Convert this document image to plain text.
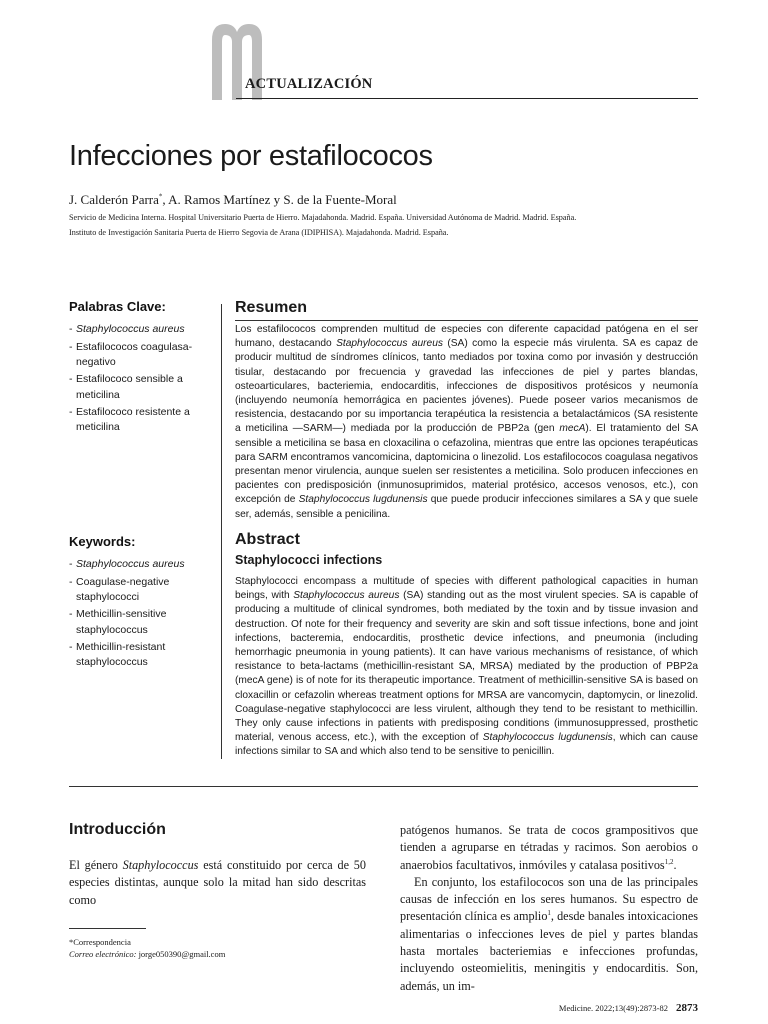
ACTUALIZACIÓN
Infecciones por estafilococos
J. Calderón Parra*, A. Ramos Martínez y S. de la Fuente-Moral
Servicio de Medicina Interna. Hospital Universitario Puerta de Hierro. Majadahonda. Madrid. España. Universidad Autónoma de Madrid. Madrid. España.
Instituto de Investigación Sanitaria Puerta de Hierro Segovia de Arana (IDIPHISA). Majadahonda. Madrid. España.
Palabras Clave:
- Staphylococcus aureus
- Estafilococos coagulasa-negativo
- Estafilococo sensible a meticilina
- Estafilococo resistente a meticilina
Keywords:
- Staphylococcus aureus
- Coagulase-negative staphylococci
- Methicillin-sensitive staphylococcus
- Methicillin-resistant staphylococcus
Resumen

Los estafilococos comprenden multitud de especies con diferente capacidad patógena en el ser humano, destacando Staphylococcus aureus (SA) como la especie más virulenta. SA es capaz de producir multitud de síndromes clínicos, tanto mediados por toxina como por invasión y destrucción tisular, destacando por frecuencia y gravedad las infecciones de piel y partes blandas, osteoarticulares, bacteriemia, endocarditis, infecciones de dispositivos protésicos y neumonía (incluyendo neumonía hemorrágica en pacientes jóvenes). Puede poseer varios mecanismos de resistencia, destacando por su importancia terapéutica la resistencia a betalactámicos (SA resistente a meticilina —SARM—) mediada por la producción de PBP2a (gen mecA). El tratamiento del SA sensible a meticilina se basa en cloxacilina o cefazolina, mientras que entre las opciones terapéuticas para SARM encontramos vancomicina, daptomicina o linezolid. Los estafilococos coagulasa negativos presentan menor virulencia, aunque suelen ser resistentes a meticilina. Solo producen infecciones en pacientes con predisposición (inmunosuprimidos, material protésico, accesos venosos, etc.), con excepción de Staphylococcus lugdunensis que puede producir infecciones similares a SA y que suele ser, además, sensible a penicilina.

Abstract
Staphylococci infections

Staphylococci encompass a multitude of species with different pathological capacities in human beings, with Staphylococcus aureus (SA) standing out as the most virulent species. SA is capable of producing a multitude of clinical syndromes, both mediated by the toxin and by tissue invasion and destruction. Of note for their frequency and severity are skin and soft tissue infections, bone and joint infections, bacteremia, endocarditis, prosthetic device infections, and pneumonia (including hemorrhagic pneumonia in young patients). It can have various mechanisms of resistance, of which resistance to beta-lactams (methicillin-resistant SA, MRSA) mediated by the production of PBP2a (mecA gene) is of note for its therapeutic importance. Treatment of methicillin-sensitive SA is based on cloxacillin or cefazolin whereas treatment options for MRSA are vancomycin, daptomycin, or linezolid. Coagulase-negative staphylococci are less virulent, although they tend to be resistant to methicillin. They only cause infections in patients with predisposing conditions (immunosuppressed, prosthetic material, venous access, etc.), with the exception of Staphylococcus lugdunensis, which can cause infections similar to SA and which also tend to be sensitive to penicillin.

Introducción

El género Staphylococcus está constituido por cerca de 50 especies distintas, aunque solo la mitad han sido descritas como

patógenos humanos. Se trata de cocos grampositivos que tienden a agruparse en tétradas y racimos. Son aerobios o anaerobios facultativos, inmóviles y catalasa positivos$^{1,2}$.
En conjunto, los estafilococos son una de las principales causas de infección en los seres humanos. Su espectro de presentación clínica es amplio$^1$, desde banales intoxicaciones alimentarias o infecciones leves de piel y partes blandas hasta mortales bacteriemias e infecciones profundas, incluyendo osteomielitis, meningitis y endocarditis. Son, además, un im-

*Correspondencia
Correo electrónico: jorge050390@gmail.com
Medicine. 2022;13(49):2873-82 2873
